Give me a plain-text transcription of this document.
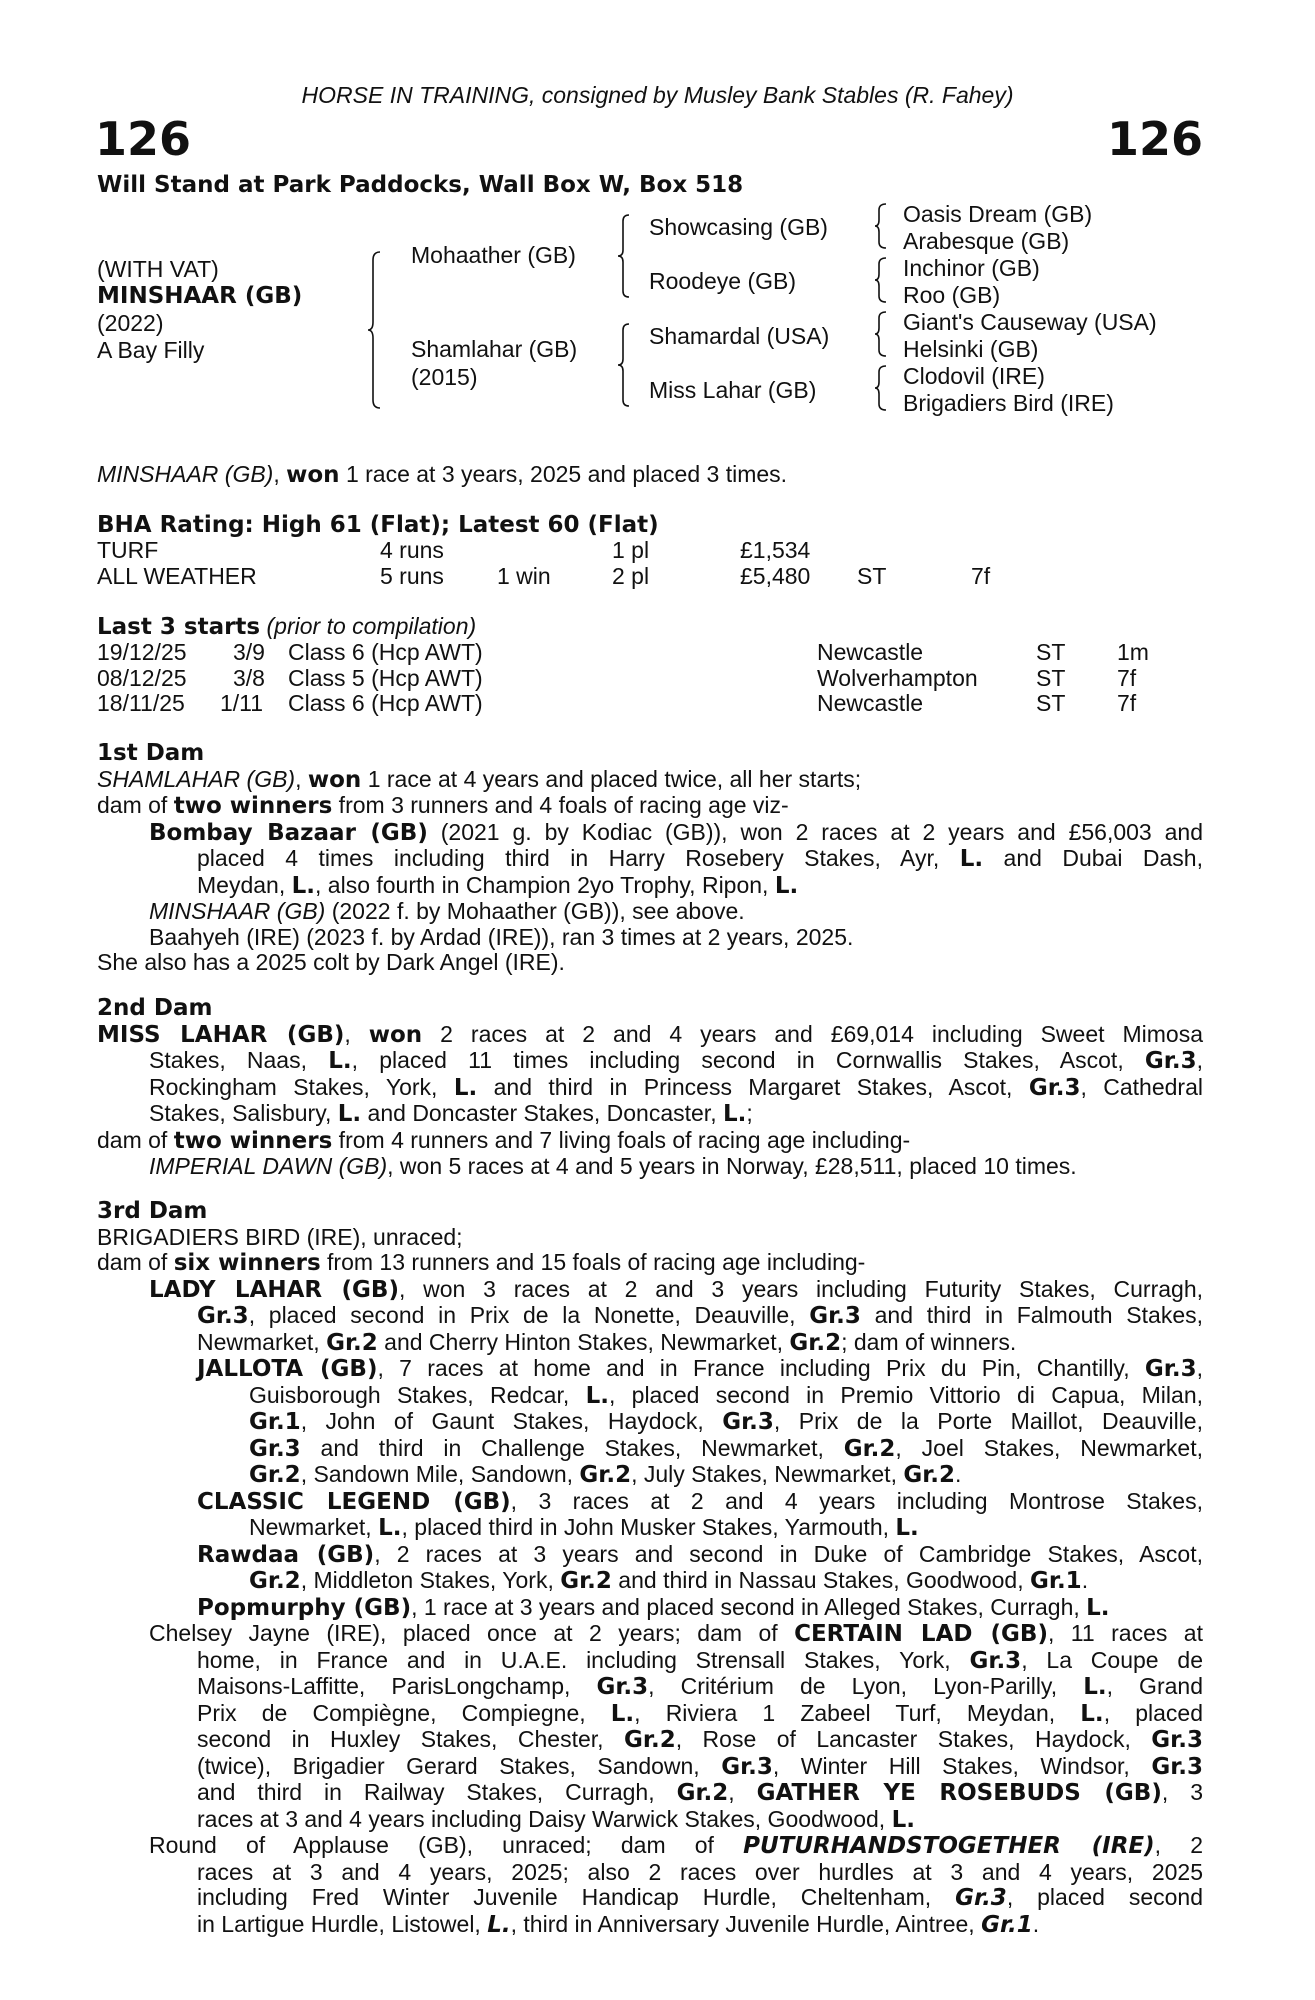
HORSE IN TRAINING, consigned by Musley Bank Stables (R. Fahey)
126	126
Will Stand at Park Paddocks, Wall Box W, Box 518
(WITH VAT)
MINSHAAR (GB)
(2022)
A Bay Filly
Mohaather (GB)
Shamlahar (GB)
(2015)
Showcasing (GB)
Roodeye (GB)
Shamardal (USA)
Miss Lahar (GB)
Oasis Dream (GB)
Arabesque (GB)
Inchinor (GB)
Roo (GB)
Giant's Causeway (USA)
Helsinki (GB)
Clodovil (IRE)
Brigadiers Bird (IRE)
MINSHAAR (GB), won 1 race at 3 years, 2025 and placed 3 times.
BHA Rating: High 61 (Flat); Latest 60 (Flat)
TURF	4 runs	1 pl	£1,534
ALL WEATHER	5 runs 1 win	2 pl	£5,480 ST	7f
Last 3 starts (prior to compilation)
19/12/25 3/9 Class 6 (Hcp AWT)	Newcastle	ST 1m
08/12/25 3/8 Class 5 (Hcp AWT)	Wolverhampton	ST 7f
18/11/25 1/11 Class 6 (Hcp AWT)	Newcastle	ST 7f
1st Dam
SHAMLAHAR (GB), won 1 race at 4 years and placed twice, all her starts;
dam of two winners from 3 runners and 4 foals of racing age viz-
Bombay Bazaar (GB) (2021 g. by Kodiac (GB)), won 2 races at 2 years and £56,003 and
placed 4 times including third in Harry Rosebery Stakes, Ayr, L. and Dubai Dash,
Meydan, L., also fourth in Champion 2yo Trophy, Ripon, L.
MINSHAAR (GB) (2022 f. by Mohaather (GB)), see above.
Baahyeh (IRE) (2023 f. by Ardad (IRE)), ran 3 times at 2 years, 2025.
She also has a 2025 colt by Dark Angel (IRE).
2nd Dam
MISS LAHAR (GB), won 2 races at 2 and 4 years and £69,014 including Sweet Mimosa
Stakes, Naas, L., placed 11 times including second in Cornwallis Stakes, Ascot, Gr.3,
Rockingham Stakes, York, L. and third in Princess Margaret Stakes, Ascot, Gr.3, Cathedral
Stakes, Salisbury, L. and Doncaster Stakes, Doncaster, L.;
dam of two winners from 4 runners and 7 living foals of racing age including-
IMPERIAL DAWN (GB), won 5 races at 4 and 5 years in Norway, £28,511, placed 10 times.
3rd Dam
BRIGADIERS BIRD (IRE), unraced;
dam of six winners from 13 runners and 15 foals of racing age including-
LADY LAHAR (GB), won 3 races at 2 and 3 years including Futurity Stakes, Curragh,
Gr.3, placed second in Prix de la Nonette, Deauville, Gr.3 and third in Falmouth Stakes,
Newmarket, Gr.2 and Cherry Hinton Stakes, Newmarket, Gr.2; dam of winners.
JALLOTA (GB), 7 races at home and in France including Prix du Pin, Chantilly, Gr.3,
Guisborough Stakes, Redcar, L., placed second in Premio Vittorio di Capua, Milan,
Gr.1, John of Gaunt Stakes, Haydock, Gr.3, Prix de la Porte Maillot, Deauville,
Gr.3 and third in Challenge Stakes, Newmarket, Gr.2, Joel Stakes, Newmarket,
Gr.2, Sandown Mile, Sandown, Gr.2, July Stakes, Newmarket, Gr.2.
CLASSIC LEGEND (GB), 3 races at 2 and 4 years including Montrose Stakes,
Newmarket, L., placed third in John Musker Stakes, Yarmouth, L.
Rawdaa (GB), 2 races at 3 years and second in Duke of Cambridge Stakes, Ascot,
Gr.2, Middleton Stakes, York, Gr.2 and third in Nassau Stakes, Goodwood, Gr.1.
Popmurphy (GB), 1 race at 3 years and placed second in Alleged Stakes, Curragh, L.
Chelsey Jayne (IRE), placed once at 2 years; dam of CERTAIN LAD (GB), 11 races at
home, in France and in U.A.E. including Strensall Stakes, York, Gr.3, La Coupe de
Maisons-Laffitte, ParisLongchamp, Gr.3, Critérium de Lyon, Lyon-Parilly, L., Grand
Prix de Compiègne, Compiegne, L., Riviera 1 Zabeel Turf, Meydan, L., placed
second in Huxley Stakes, Chester, Gr.2, Rose of Lancaster Stakes, Haydock, Gr.3
(twice), Brigadier Gerard Stakes, Sandown, Gr.3, Winter Hill Stakes, Windsor, Gr.3
and third in Railway Stakes, Curragh, Gr.2, GATHER YE ROSEBUDS (GB), 3
races at 3 and 4 years including Daisy Warwick Stakes, Goodwood, L.
Round of Applause (GB), unraced; dam of PUTURHANDSTOGETHER (IRE), 2
races at 3 and 4 years, 2025; also 2 races over hurdles at 3 and 4 years, 2025
including Fred Winter Juvenile Handicap Hurdle, Cheltenham, Gr.3, placed second
in Lartigue Hurdle, Listowel, L., third in Anniversary Juvenile Hurdle, Aintree, Gr.1.
